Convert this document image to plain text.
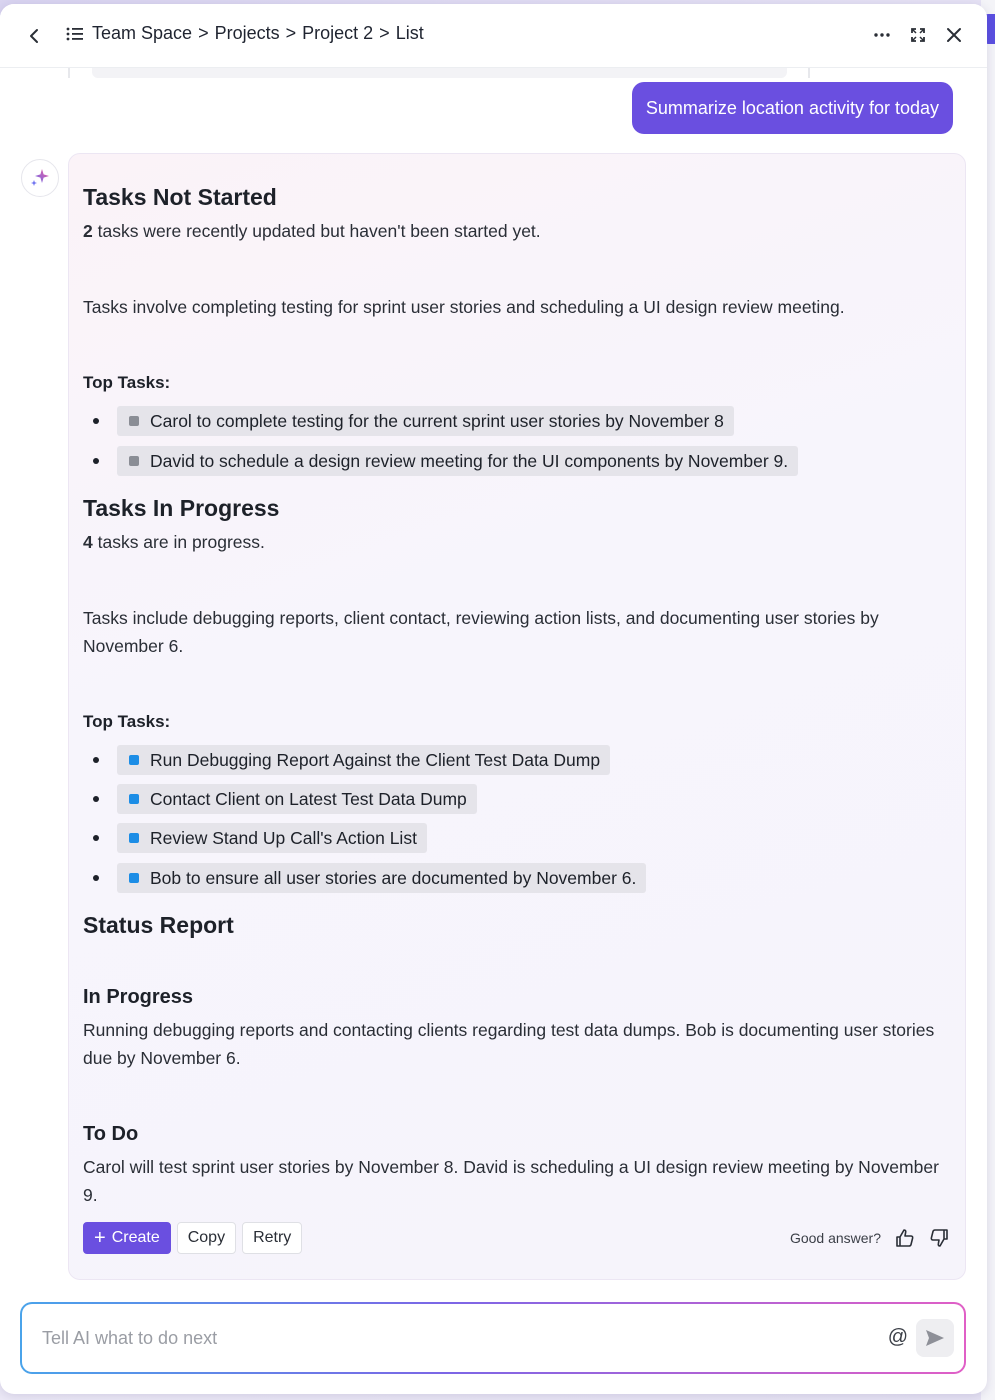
Team Space > Projects > Project 2 > List
Summarize location activity for today
Tasks Not Started

2 tasks were recently updated but haven't been started yet.

Tasks involve completing testing for sprint user stories and scheduling a UI design review meeting.

Top Tasks:
Carol to complete testing for the current sprint user stories by November 8
David to schedule a design review meeting for the UI components by November 9.
Tasks In Progress

4 tasks are in progress.

Tasks include debugging reports, client contact, reviewing action lists, and documenting user stories by November 6.

Top Tasks:
Run Debugging Report Against the Client Test Data Dump
Contact Client on Latest Test Data Dump
Review Stand Up Call's Action List
Bob to ensure all user stories are documented by November 6.
Status Report
In Progress

Running debugging reports and contacting clients regarding test data dumps. Bob is documenting user stories due by November 6.

To Do

Carol will test sprint user stories by November 8. David is scheduling a UI design review meeting by November 9.

+ Create	Copy	Retry	Good answer?
Tell AI what to do next
@
